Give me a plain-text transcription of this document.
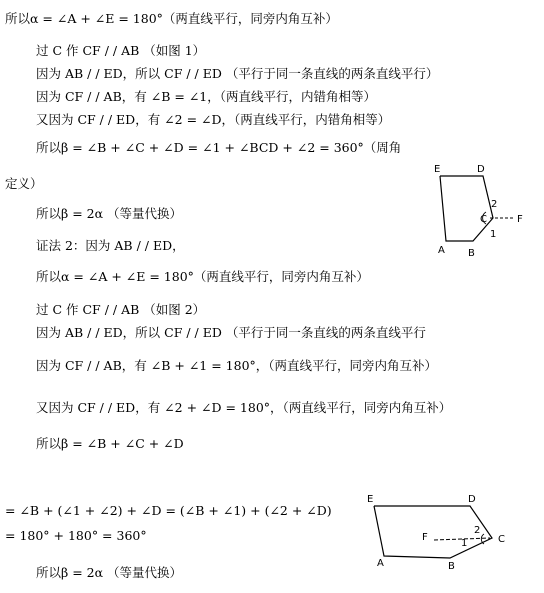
所以α = ∠A + ∠E = 180°（两直线平行，同旁内角互补）
过 C 作 CF / / AB （如图 1）
因为 AB / / ED，所以 CF / / ED （平行于同一条直线的两条直线平行）
因为 CF / / AB，有 ∠B = ∠1，（两直线平行，内错角相等）
又因为 CF / / ED，有 ∠2 = ∠D，（两直线平行，内错角相等）
所以β = ∠B + ∠C + ∠D = ∠1 + ∠BCD + ∠2 = 360°（周角
定义）
所以β = 2α （等量代换）
证法 2：因为 AB / / ED，
所以α = ∠A + ∠E = 180°（两直线平行，同旁内角互补）
过 C 作 CF / / AB （如图 2）
因为 AB / / ED，所以 CF / / ED （平行于同一条直线的两条直线平行
因为 CF / / AB，有 ∠B + ∠1 = 180°，（两直线平行，同旁内角互补）
又因为 CF / / ED，有 ∠2 + ∠D = 180°，（两直线平行，同旁内角互补）
所以β = ∠B + ∠C + ∠D
= ∠B + (∠1 + ∠2) + ∠D = (∠B + ∠1) + (∠2 + ∠D)
= 180° + 180° = 360°
所以β = 2α （等量代换）
E	D
2
C	F
1
A B
E	D
F
2
1	C
A	B
